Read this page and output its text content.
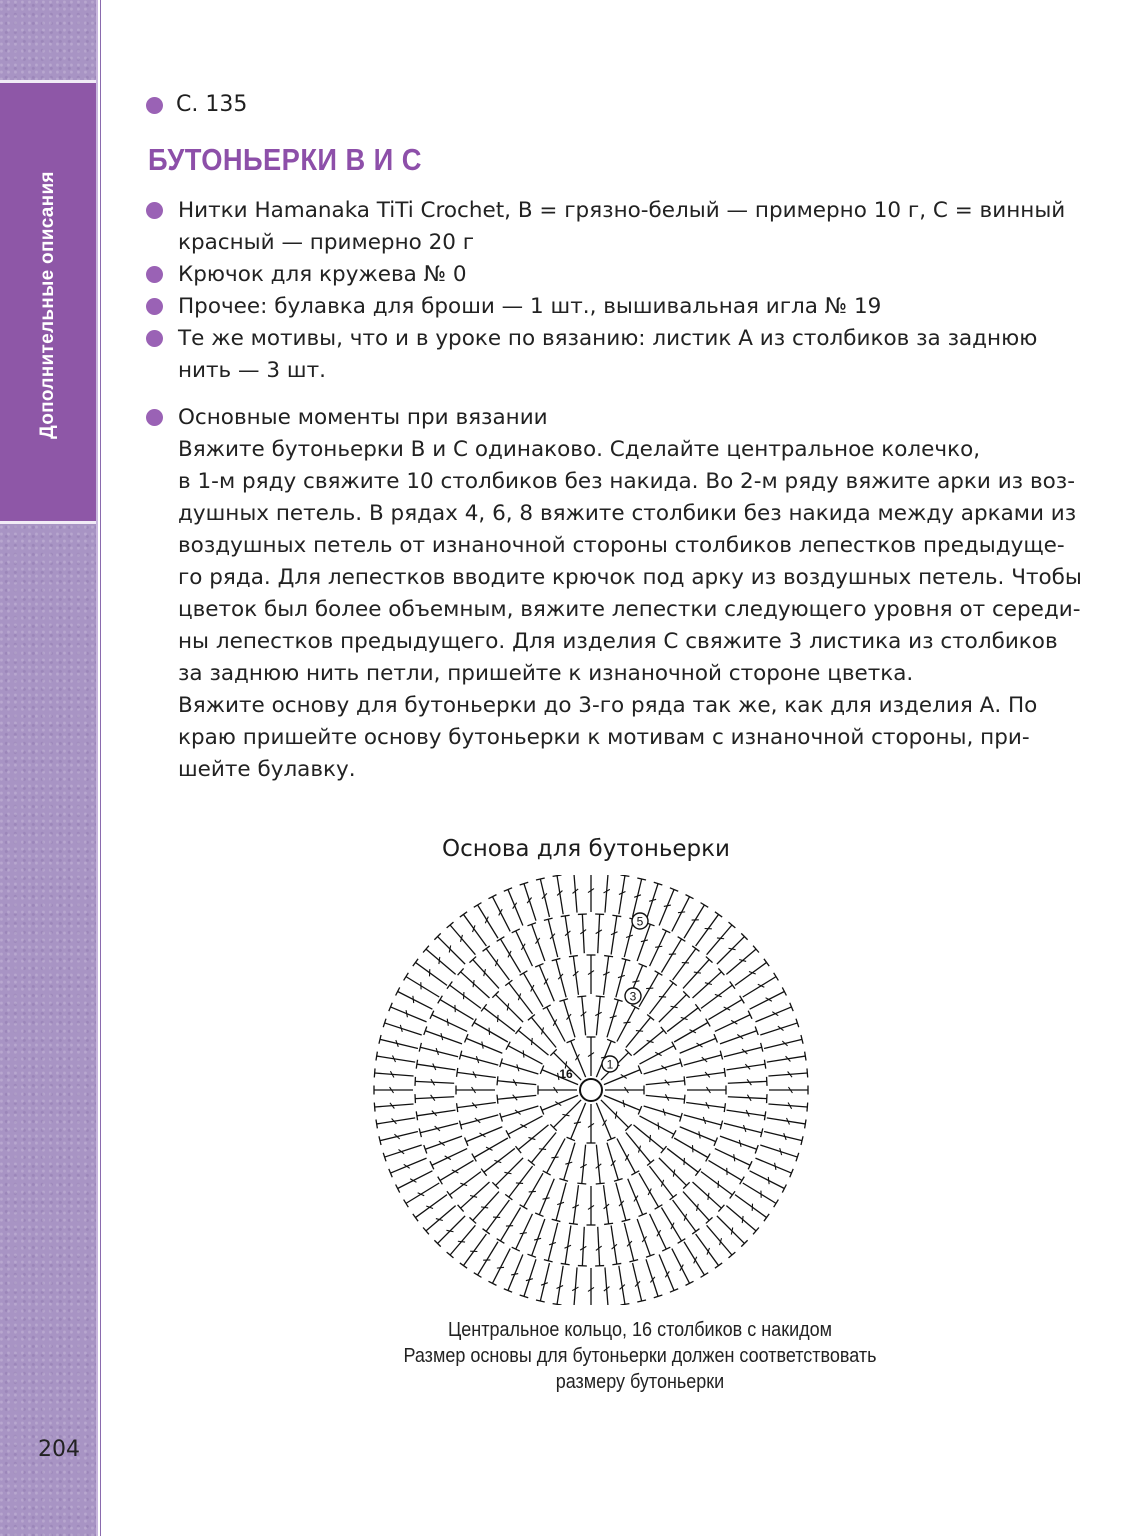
Дополнительные описания
204
С. 135
БУТОНЬЕРКИ В И С
Нитки Hamanaka TiTi Crochet, B = грязно-белый — примерно 10 г, C = винный
красный — примерно 20 г
Крючок для кружева № 0
Прочее: булавка для броши — 1 шт., вышивальная игла № 19
Те же мотивы, что и в уроке по вязанию: листик А из столбиков за заднюю
нить — 3 шт.
Основные моменты при вязании
Вяжите бутоньерки В и С одинаково. Сделайте центральное колечко,
в 1-м ряду свяжите 10 столбиков без накида. Во 2-м ряду вяжите арки из воз-
душных петель. В рядах 4, 6, 8 вяжите столбики без накида между арками из
воздушных петель от изнаночной стороны столбиков лепестков предыдуще-
го ряда. Для лепестков вводите крючок под арку из воздушных петель. Чтобы
цветок был более объемным, вяжите лепестки следующего уровня от середи-
ны лепестков предыдущего. Для изделия С свяжите 3 листика из столбиков
за заднюю нить петли, пришейте к изнаночной стороне цветка.
Вяжите основу для бутоньерки до 3-го ряда так же, как для изделия А. По
краю пришейте основу бутоньерки к мотивам с изнаночной стороны, при-
шейте булавку.
Основа для бутоньерки
1
3
5
16
Центральное кольцо, 16 столбиков с накидом
Размер основы для бутоньерки должен соответствовать
размеру бутоньерки
